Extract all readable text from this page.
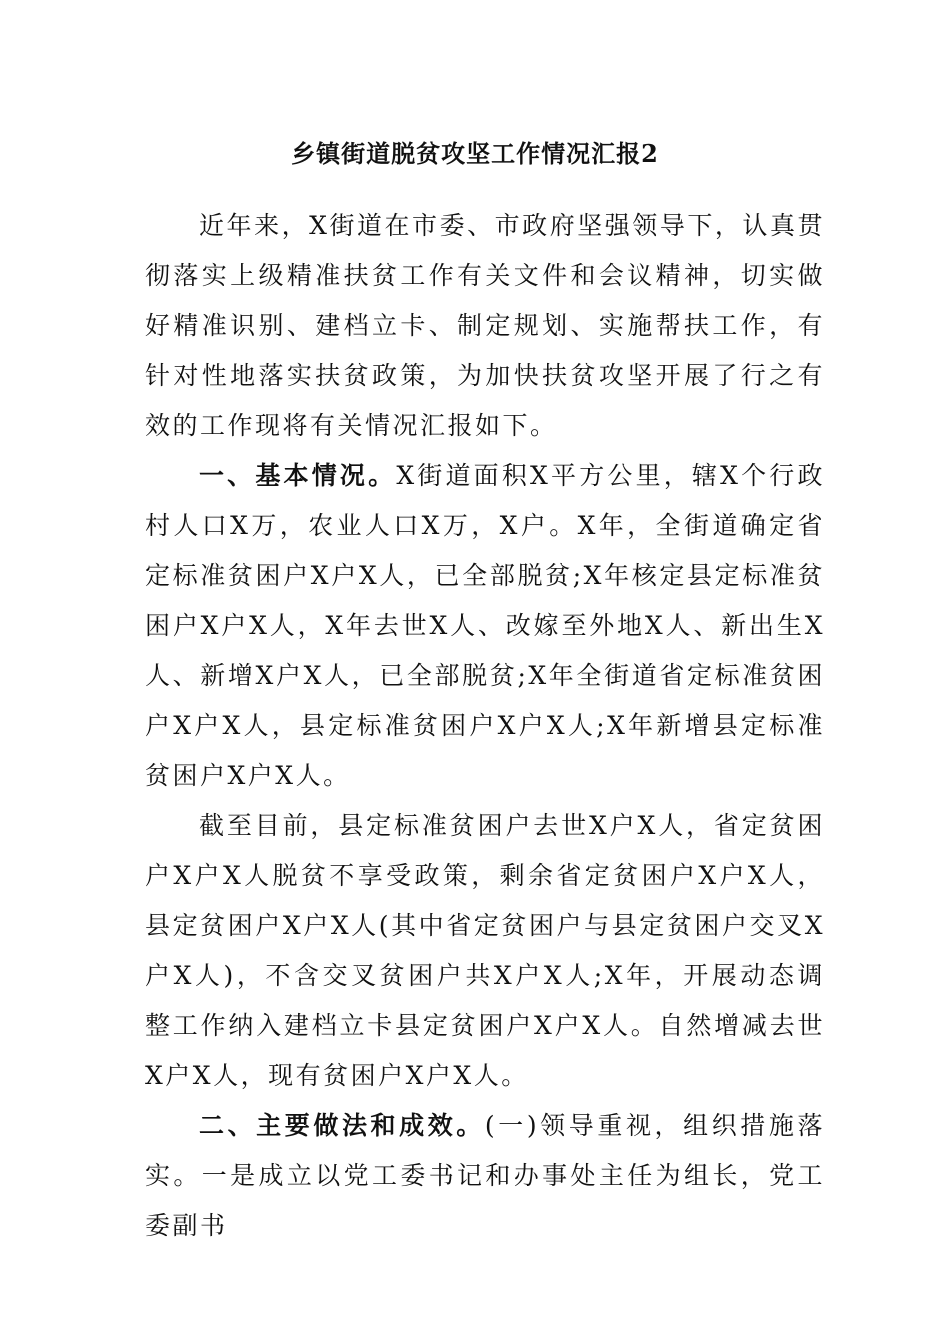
乡镇街道脱贫攻坚工作情况汇报2

近年来，X街道在市委、市政府坚强领导下，认真贯彻落实上级精准扶贫工作有关文件和会议精神，切实做好精准识别、建档立卡、制定规划、实施帮扶工作，有针对性地落实扶贫政策，为加快扶贫攻坚开展了行之有效的工作现将有关情况汇报如下。

一、基本情况。X街道面积X平方公里，辖X个行政村人口X万，农业人口X万，X户。X年，全街道确定省定标准贫困户X户X人，已全部脱贫;X年核定县定标准贫困户X户X人，X年去世X人、改嫁至外地X人、新出生X人、新增X户X人，已全部脱贫;X年全街道省定标准贫困户X户X人，县定标准贫困户X户X人;X年新增县定标准贫困户X户X人。

截至目前，县定标准贫困户去世X户X人，省定贫困户X户X人脱贫不享受政策，剩余省定贫困户X户X人，县定贫困户X户X人(其中省定贫困户与县定贫困户交叉X户X人)，不含交叉贫困户共X户X人;X年，开展动态调整工作纳入建档立卡县定贫困户X户X人。自然增减去世X户X人，现有贫困户X户X人。

二、主要做法和成效。(一)领导重视，组织措施落实。一是成立以党工委书记和办事处主任为组长，党工委副书
